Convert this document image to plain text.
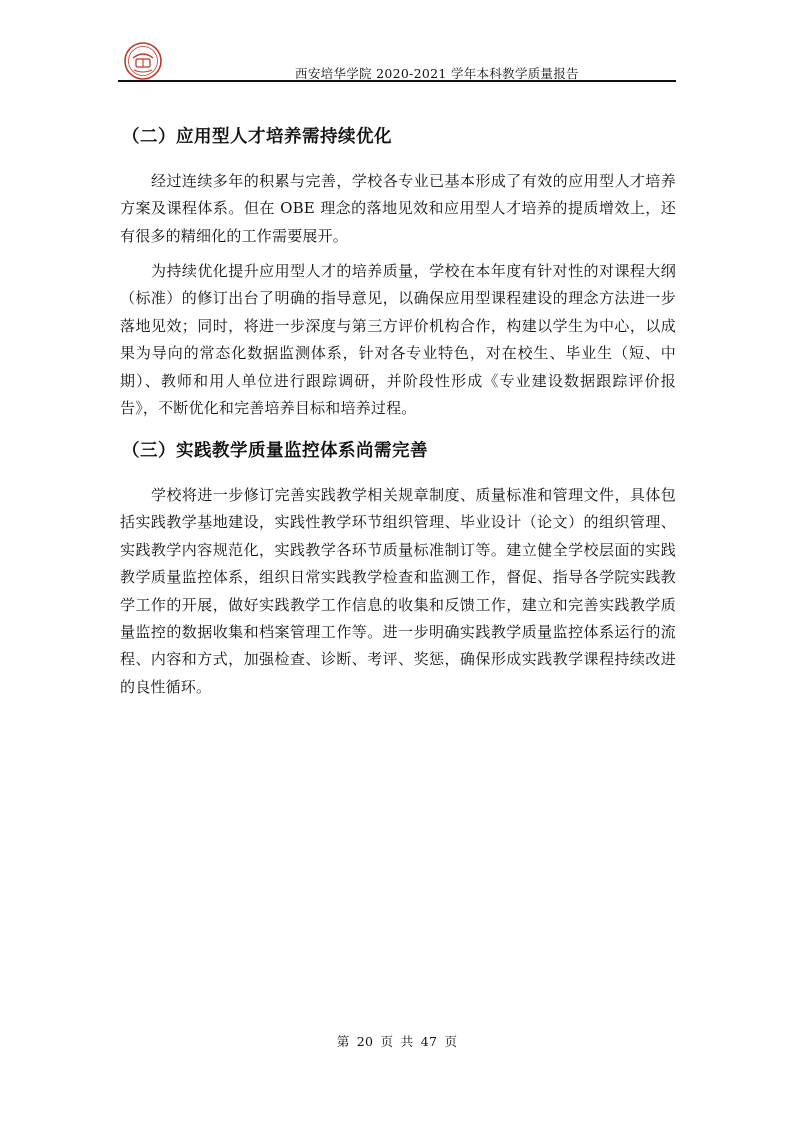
西安培华学院 2020-2021 学年本科教学质量报告
（二）应用型人才培养需持续优化
经过连续多年的积累与完善，学校各专业已基本形成了有效的应用型人才培养方案及课程体系。但在 OBE 理念的落地见效和应用型人才培养的提质增效上，还有很多的精细化的工作需要展开。
为持续优化提升应用型人才的培养质量，学校在本年度有针对性的对课程大纲（标准）的修订出台了明确的指导意见，以确保应用型课程建设的理念方法进一步落地见效；同时，将进一步深度与第三方评价机构合作，构建以学生为中心，以成果为导向的常态化数据监测体系，针对各专业特色，对在校生、毕业生（短、中期）、教师和用人单位进行跟踪调研，并阶段性形成《专业建设数据跟踪评价报告》，不断优化和完善培养目标和培养过程。
（三）实践教学质量监控体系尚需完善
学校将进一步修订完善实践教学相关规章制度、质量标准和管理文件，具体包括实践教学基地建设，实践性教学环节组织管理、毕业设计（论文）的组织管理、实践教学内容规范化，实践教学各环节质量标准制订等。建立健全学校层面的实践教学质量监控体系，组织日常实践教学检查和监测工作，督促、指导各学院实践教学工作的开展，做好实践教学工作信息的收集和反馈工作，建立和完善实践教学质量监控的数据收集和档案管理工作等。进一步明确实践教学质量监控体系运行的流程、内容和方式，加强检查、诊断、考评、奖惩，确保形成实践教学课程持续改进的良性循环。
第 20 页 共 47 页
